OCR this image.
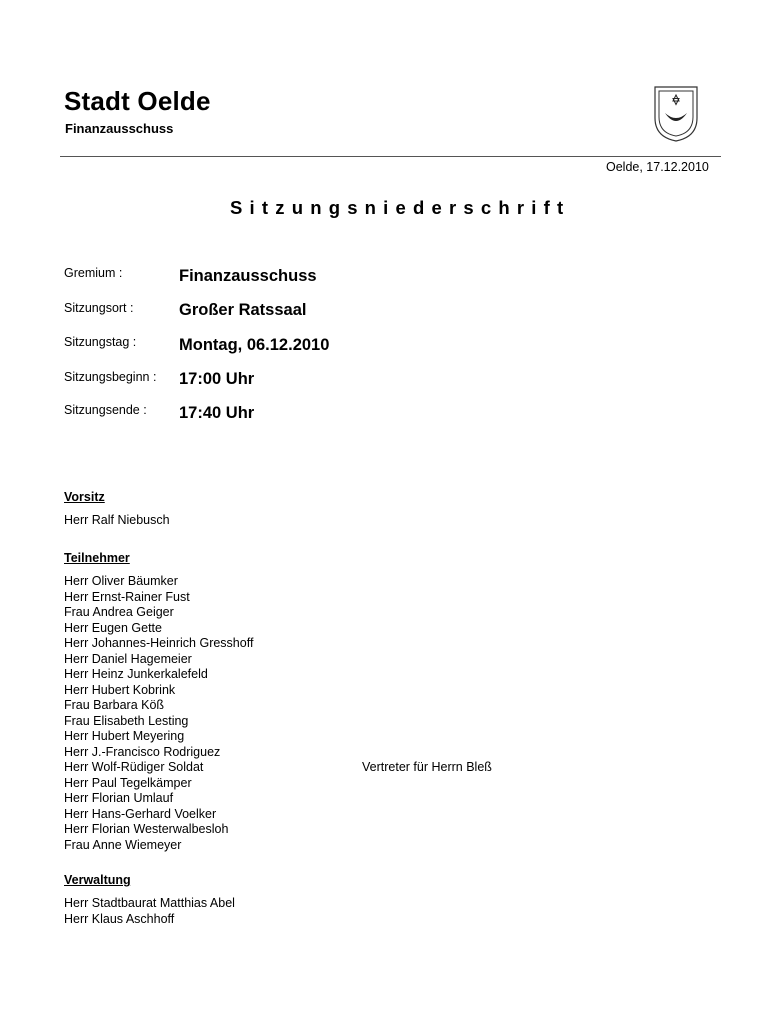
Stadt Oelde
Finanzausschuss
Oelde, 17.12.2010
Sitzungsniederschrift
Gremium :	Finanzausschuss
Sitzungsort :	Großer Ratssaal
Sitzungstag :	Montag, 06.12.2010
Sitzungsbeginn : 17:00 Uhr
Sitzungsende : 17:40 Uhr
Vorsitz
Herr Ralf Niebusch
Teilnehmer
Herr Oliver Bäumker
Herr Ernst-Rainer Fust
Frau Andrea Geiger
Herr Eugen Gette
Herr Johannes-Heinrich Gresshoff
Herr Daniel Hagemeier
Herr Heinz Junkerkalefeld
Herr Hubert Kobrink
Frau Barbara Köß
Frau Elisabeth Lesting
Herr Hubert Meyering
Herr J.-Francisco Rodriguez
Herr Wolf-Rüdiger Soldat	Vertreter für Herrn Bleß
Herr Paul Tegelkämper
Herr Florian Umlauf
Herr Hans-Gerhard Voelker
Herr Florian Westerwalbesloh
Frau Anne Wiemeyer
Verwaltung
Herr Stadtbaurat Matthias Abel
Herr Klaus Aschhoff
